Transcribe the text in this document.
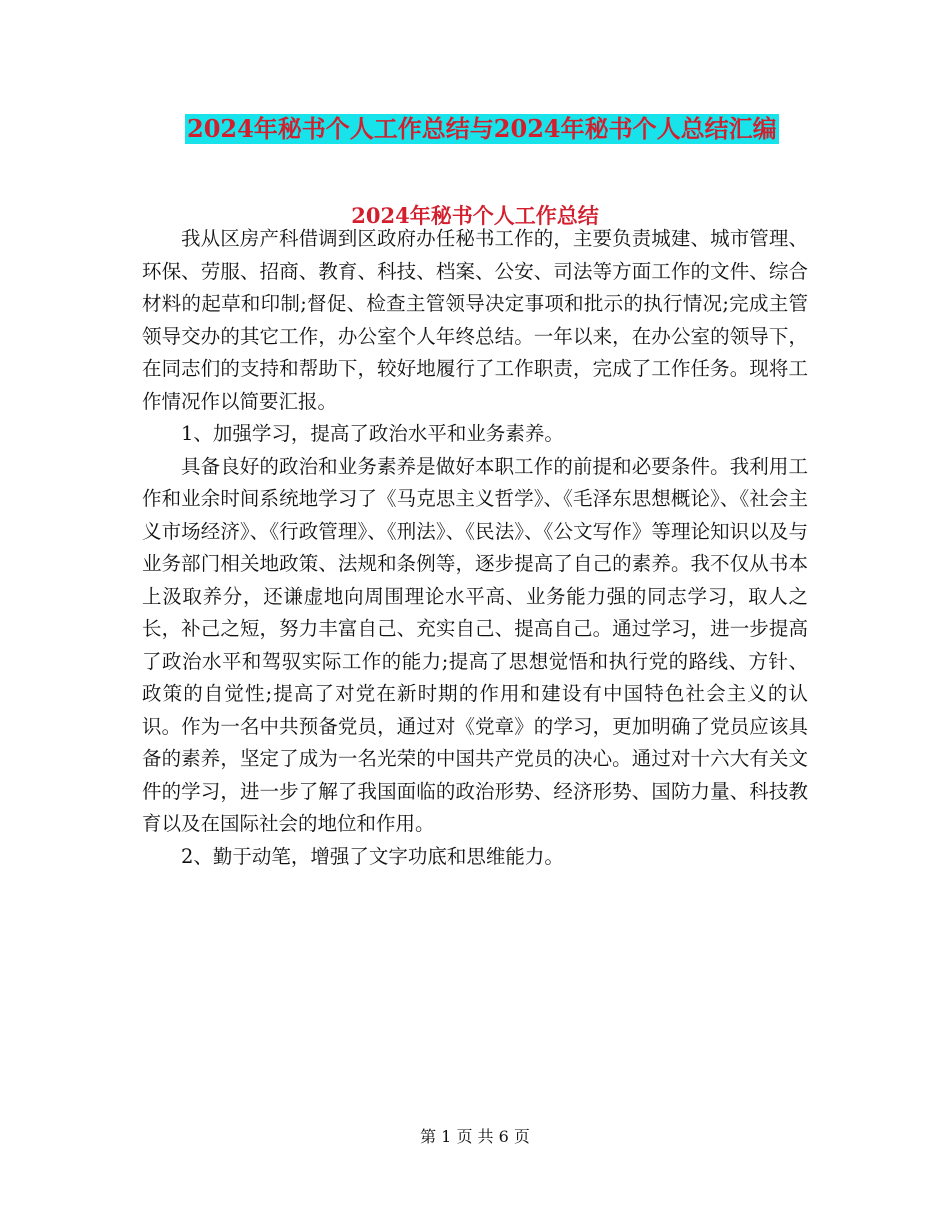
2024年秘书个人工作总结与2024年秘书个人总结汇编
2024年秘书个人工作总结

我从区房产科借调到区政府办任秘书工作的，主要负责城建、城市管理、环保、劳服、招商、教育、科技、档案、公安、司法等方面工作的文件、综合材料的起草和印制;督促、检查主管领导决定事项和批示的执行情况;完成主管领导交办的其它工作，办公室个人年终总结。一年以来，在办公室的领导下，在同志们的支持和帮助下，较好地履行了工作职责，完成了工作任务。现将工作情况作以简要汇报。

1、加强学习，提高了政治水平和业务素养。

具备良好的政治和业务素养是做好本职工作的前提和必要条件。我利用工作和业余时间系统地学习了《马克思主义哲学》、《毛泽东思想概论》、《社会主义市场经济》、《行政管理》、《刑法》、《民法》、《公文写作》等理论知识以及与业务部门相关地政策、法规和条例等，逐步提高了自己的素养。我不仅从书本上汲取养分，还谦虚地向周围理论水平高、业务能力强的同志学习，取人之长，补己之短，努力丰富自己、充实自己、提高自己。通过学习，进一步提高了政治水平和驾驭实际工作的能力;提高了思想觉悟和执行党的路线、方针、政策的自觉性;提高了对党在新时期的作用和建设有中国特色社会主义的认识。作为一名中共预备党员，通过对《党章》的学习，更加明确了党员应该具备的素养，坚定了成为一名光荣的中国共产党员的决心。通过对十六大有关文件的学习，进一步了解了我国面临的政治形势、经济形势、国防力量、科技教育以及在国际社会的地位和作用。

2、勤于动笔，增强了文字功底和思维能力。

第 1 页 共 6 页
